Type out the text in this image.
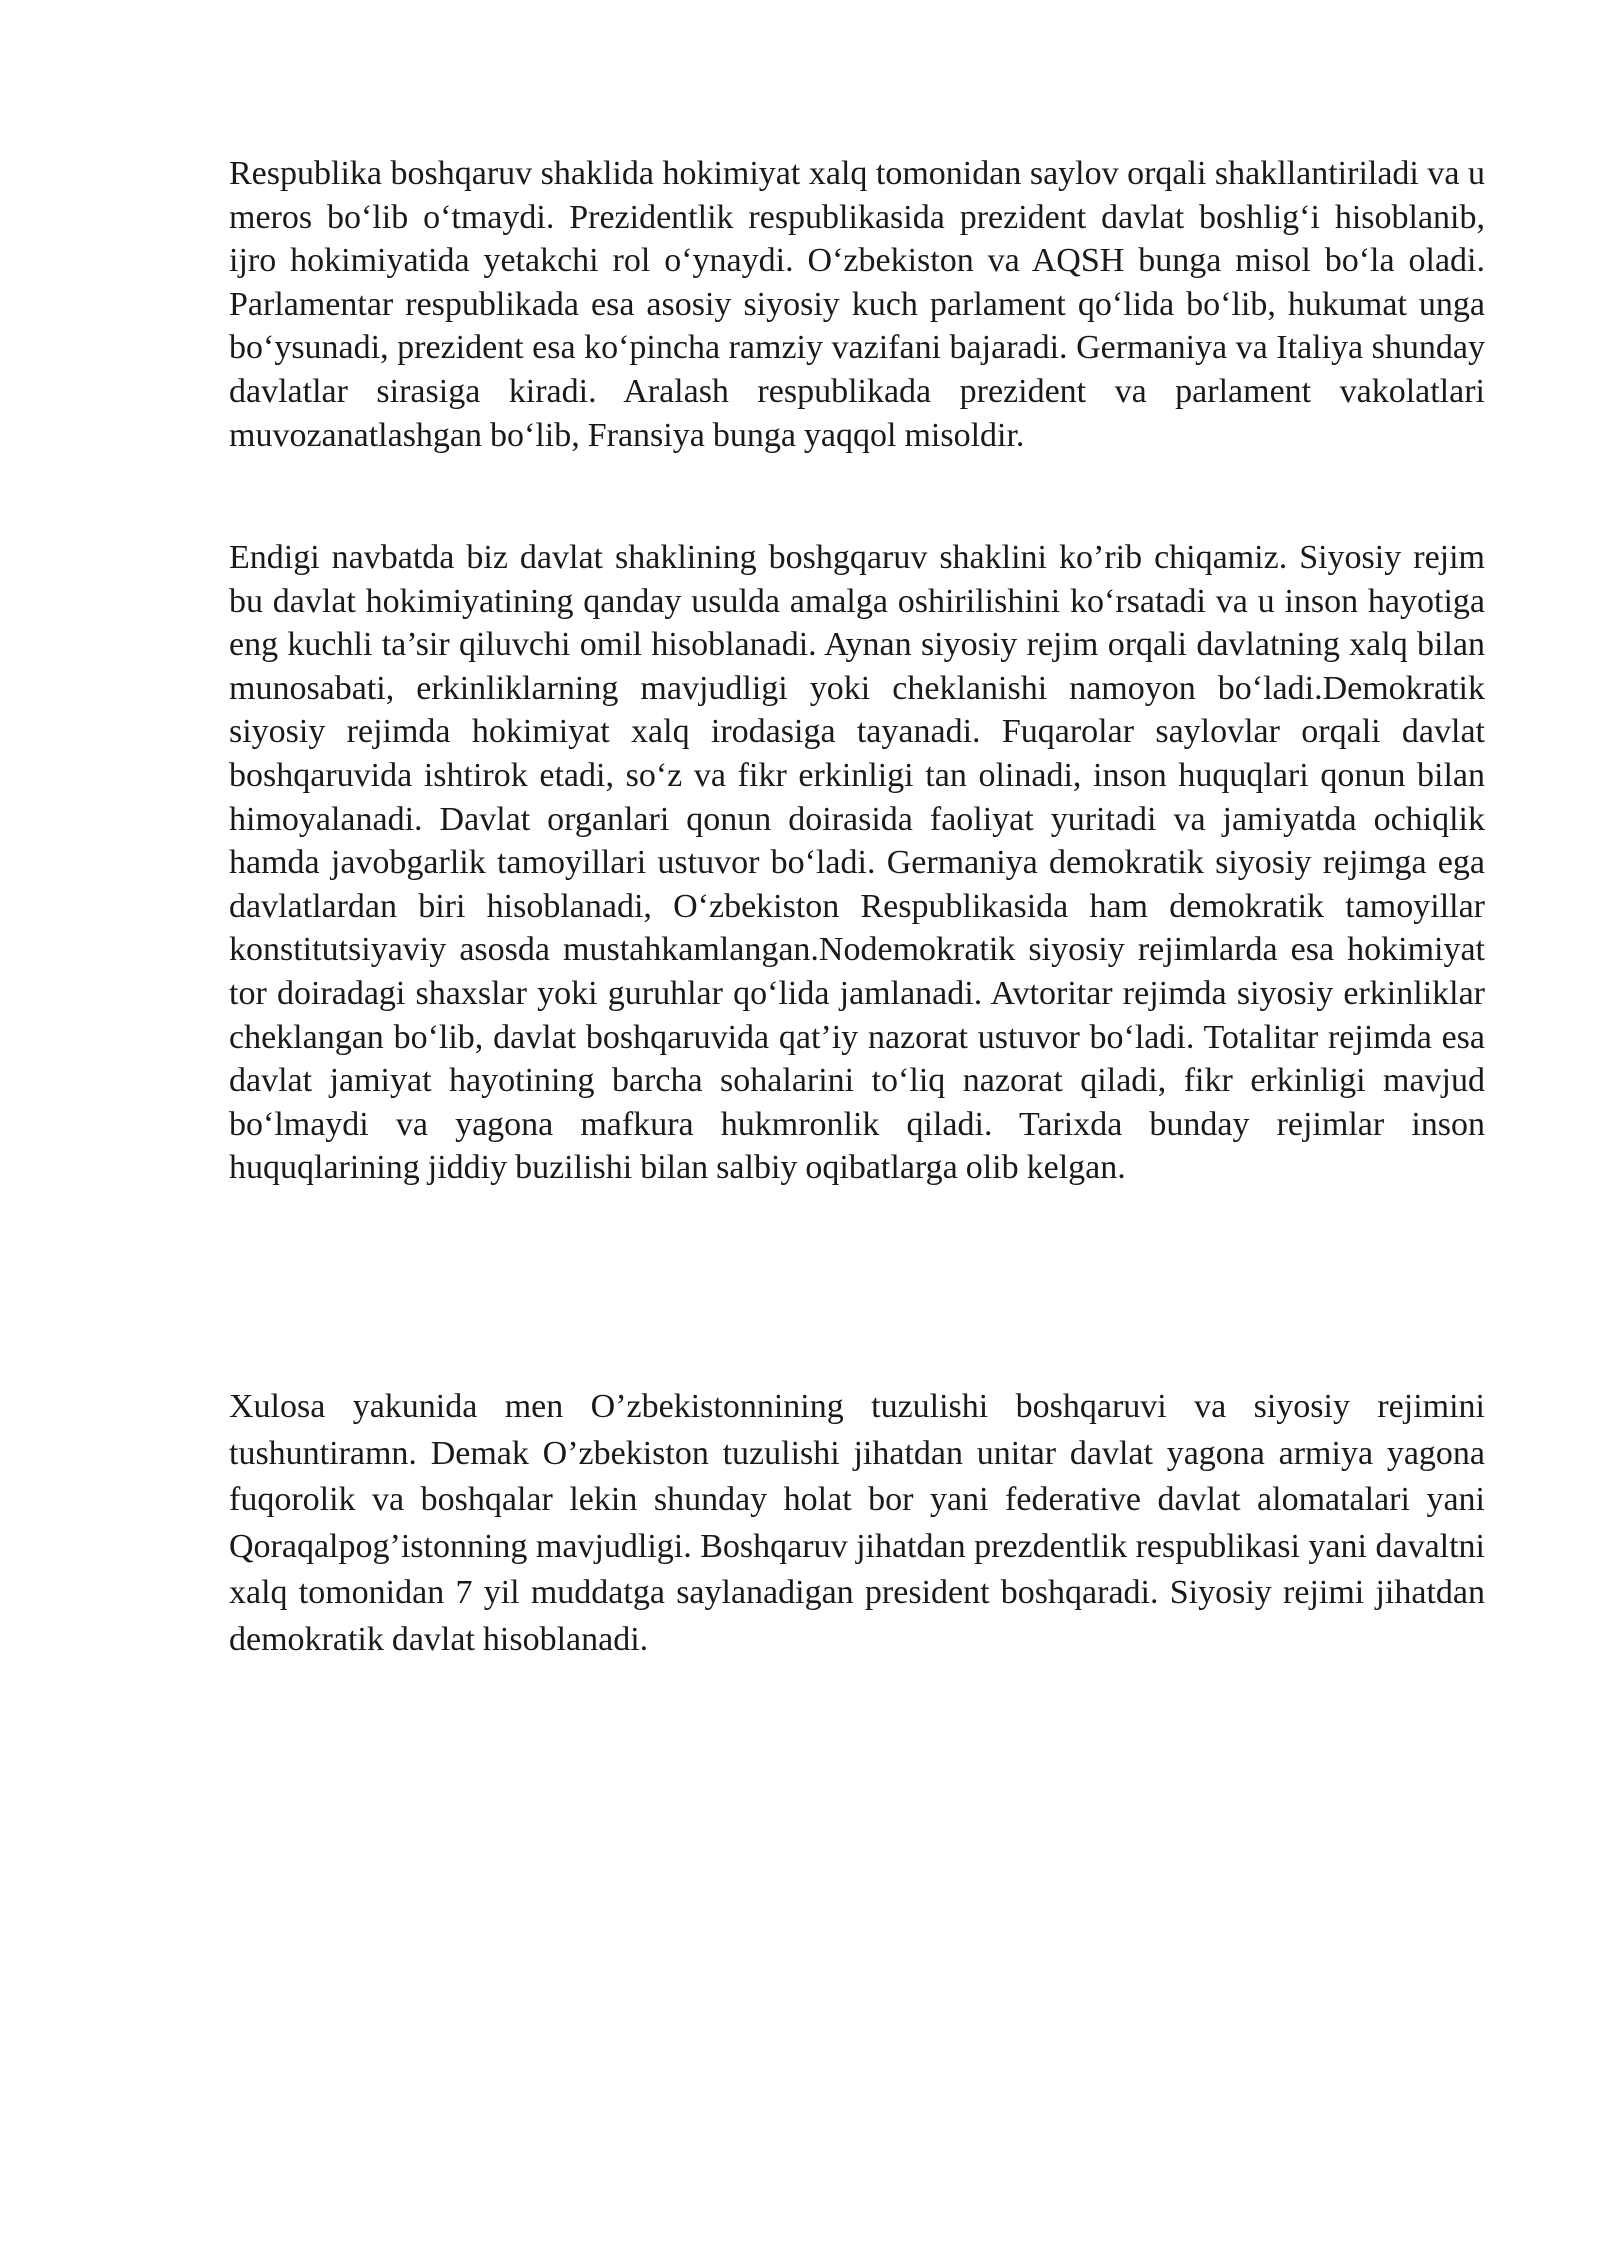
Respublika boshqaruv shaklida hokimiyat xalq tomonidan saylov orqali shakllantiriladi va u meros bo‘lib o‘tmaydi. Prezidentlik respublikasida prezident davlat boshlig‘i hisoblanib, ijro hokimiyatida yetakchi rol o‘ynaydi. O‘zbekiston va AQSH bunga misol bo‘la oladi. Parlamentar respublikada esa asosiy siyosiy kuch parlament qo‘lida bo‘lib, hukumat unga bo‘ysunadi, prezident esa ko‘pincha ramziy vazifani bajaradi. Germaniya va Italiya shunday davlatlar sirasiga kiradi. Aralash respublikada prezident va parlament vakolatlari muvozanatlashgan bo‘lib, Fransiya bunga yaqqol misoldir.

Endigi navbatda biz davlat shaklining boshgqaruv shaklini ko’rib chiqamiz. Siyosiy rejim bu davlat hokimiyatining qanday usulda amalga oshirilishini ko‘rsatadi va u inson hayotiga eng kuchli ta’sir qiluvchi omil hisoblanadi. Aynan siyosiy rejim orqali davlatning xalq bilan munosabati, erkinliklarning mavjudligi yoki cheklanishi namoyon bo‘ladi.Demokratik siyosiy rejimda hokimiyat xalq irodasiga tayanadi. Fuqarolar saylovlar orqali davlat boshqaruvida ishtirok etadi, so‘z va fikr erkinligi tan olinadi, inson huquqlari qonun bilan himoyalanadi. Davlat organlari qonun doirasida faoliyat yuritadi va jamiyatda ochiqlik hamda javobgarlik tamoyillari ustuvor bo‘ladi. Germaniya demokratik siyosiy rejimga ega davlatlardan biri hisoblanadi, O‘zbekiston Respublikasida ham demokratik tamoyillar konstitutsiyaviy asosda mustahkamlangan.Nodemokratik siyosiy rejimlarda esa hokimiyat tor doiradagi shaxslar yoki guruhlar qo‘lida jamlanadi. Avtoritar rejimda siyosiy erkinliklar cheklangan bo‘lib, davlat boshqaruvida qat’iy nazorat ustuvor bo‘ladi. Totalitar rejimda esa davlat jamiyat hayotining barcha sohalarini to‘liq nazorat qiladi, fikr erkinligi mavjud bo‘lmaydi va yagona mafkura hukmronlik qiladi. Tarixda bunday rejimlar inson huquqlarining jiddiy buzilishi bilan salbiy oqibatlarga olib kelgan.

Xulosa yakunida men O’zbekistonnining tuzulishi boshqaruvi va siyosiy rejimini tushuntiramn. Demak O’zbekiston tuzulishi jihatdan unitar davlat yagona armiya yagona fuqorolik va boshqalar lekin shunday holat bor yani federative davlat alomatalari yani Qoraqalpog’istonning mavjudligi. Boshqaruv jihatdan prezdentlik respublikasi yani davaltni xalq tomonidan 7 yil muddatga saylanadigan president boshqaradi. Siyosiy rejimi jihatdan demokratik davlat hisoblanadi.
